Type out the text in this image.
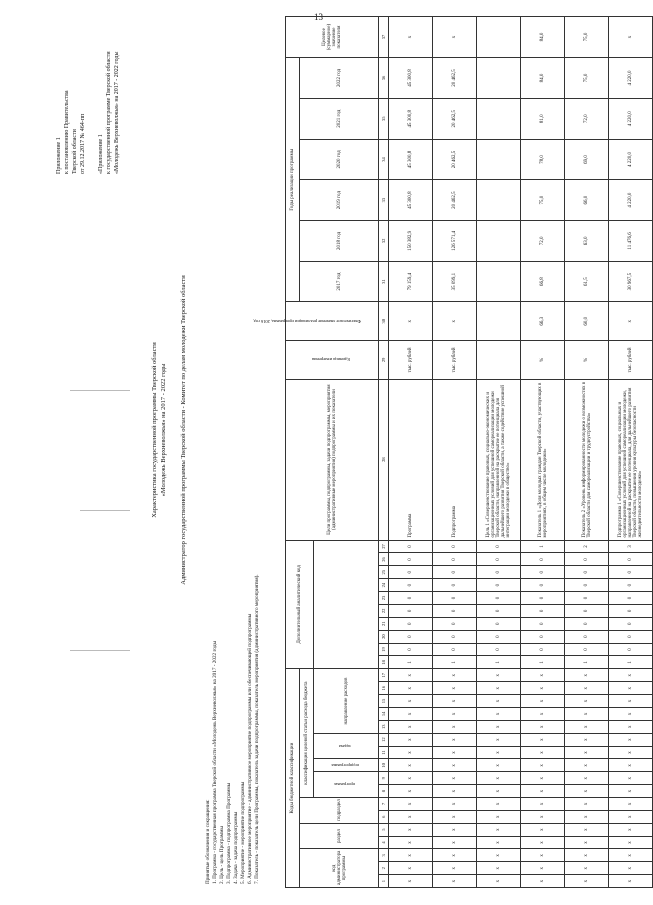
13

Приложение 1 к постановлению Правительства Тверской области от 29.12.2017 № 464-пп «Приложение 1 к государственной программе Тверской области «Молодежь Верхневолжья» на 2017 - 2022 годы

Характеристика государственной программы Тверской области «Молодежь Верхневолжья» на 2017 - 2022 годы Администратор государственной программы Тверской области - Комитет по делам молодежи Тверской области

Принятые обозначения и сокращения: 1. Программа - государственная программа Тверской области «Молодежь Верхневолжья» на 2017 - 2022 годы 2. Цель - цель Программы 3. Подпрограмма - подпрограмма Программы 4. Задача - задача подпрограммы 5. Мероприятие - мероприятие подпрограммы 6. Административное мероприятие - административное мероприятие подпрограммы или обеспечивающей подпрограммы 7. Показатель - показатель цели Программы, показатель задачи подпрограммы, показатель мероприятия (административного мероприятия).	Коды бюджетной классификации																	Дополнительный аналитический код										Цели программы, подпрограммы, задачи подпрограммы, мероприятия (административные мероприятия) подпрограммы и их показатели	Единица измерения	Фактическое значение реализации программы, 2016 год	Годы реализации программы						Целевое (суммарное) значение показателя
код администратора программы			раздел		подраздел		классификация целевой статьи расхода бюджета																							2017 год	2018 год	2019 год	2020 год	2021 год	2022 год	
							программа		подпрограмма	задача		направление расходов																								
1	2	3	4	5	6	7	8	9	10	11	12	13	14	15	16	17	18	19	20	21	22	23	24	25	26	27	28	29	30	31	32	33	34	35	36	37
x	x	x	x	x	x	x	x	x	x	x	x	x	x	x	x	x	1	0	0	0	0	0	0	0	0	0	Программа	тыс. рублей	x	79 159,4	150 382,9	45 300,8	45 300,8	45 300,8	45 300,8	x
x	x	x	x	x	x	x	x	x	x	x	x	x	x	x	x	x	1	0	0	0	0	0	0	0	0	0	Подпрограмма	тыс. рублей	x	35 099,1	126 571,4	20 462,5	20 462,5	20 462,5	20 462,5	x
x	x	x	x	x	x	x	x	x	x	x	x	x	x	x	x	x	1	0	0	0	0	0	0	0	0	0	Цель 1 «Совершенствование правовых, социально-экономических и организационных условий для успешной самореализации молодежи Тверской области, направленной на раскрытие ее потенциала для дальнейшего развития Тверской области, а также содействие успешной интеграции молодежи в общество»									
x	x	x	x	x	x	x	x	x	x	x	x	x	x	x	x	x	1	0	0	0	0	0	0	0	0	1	Показатель 1 «Доля молодых граждан Тверской области, участвующих в мероприятиях, в общем числе молодежи»	%	66,3	66,8	72,0	75,0	78,0	81,0	84,0	84,0
x	x	x	x	x	x	x	x	x	x	x	x	x	x	x	x	x	1	0	0	0	0	0	0	0	0	2	Показатель 2 «Уровень информированности молодежи о возможностях в Тверской области для самореализации и трудоустройства»	%	60,0	61,5	63,0	66,0	69,0	72,0	75,0	75,0
x	x	x	x	x	x	x	x	x	x	x	x	x	x	x	x	x	1	0	0	0	0	0	0	0	0	3	Подпрограмма 1 «Совершенствование правовых, социальных и организационных условий для успешной самореализации молодежи, направленной на раскрытие ее потенциала, для дальнейшего развития Тверской области, повышения уровня культуры безопасности жизнедеятельности молодежи»	тыс. рублей	x	30 967,5	11 476,6	4 220,0	4 220,0	4 220,0	4 220,0	x
